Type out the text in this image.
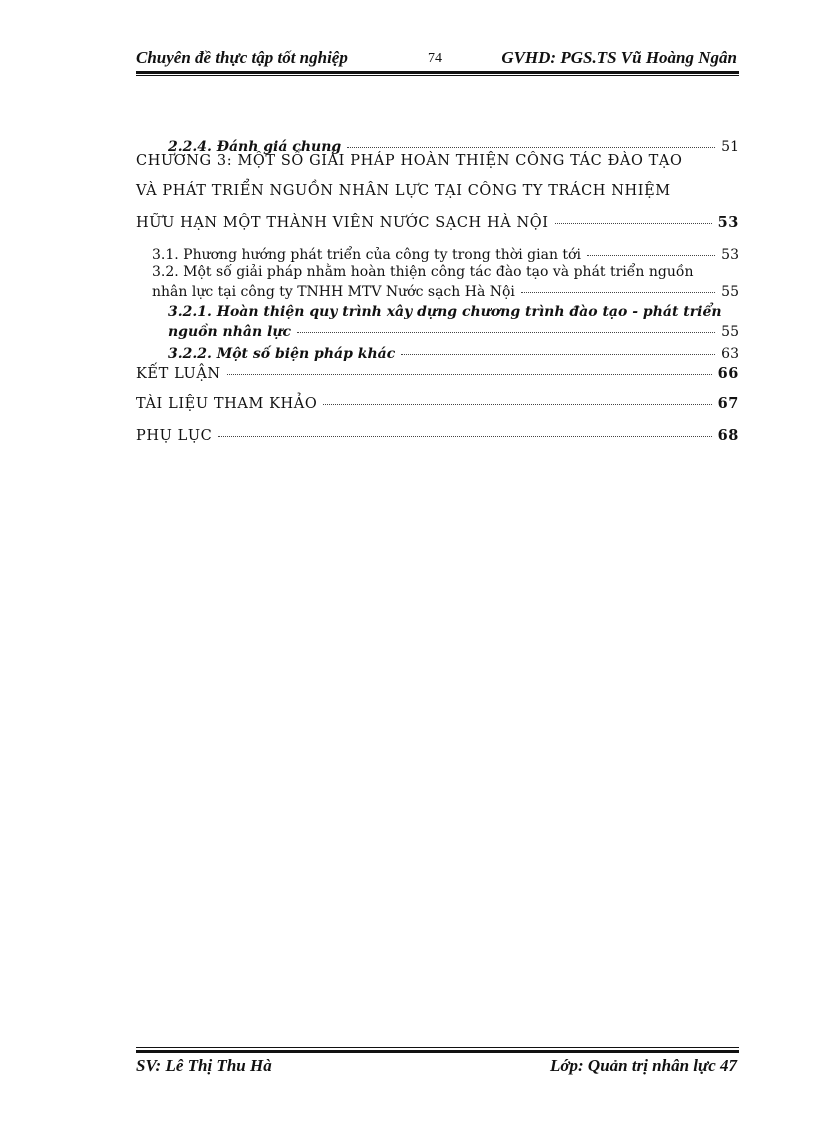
Chuyên đề thực tập tốt nghiệp	74	GVHD: PGS.TS Vũ Hoàng Ngân
2.2.4. Đánh giá chung	51
CHƯƠNG 3: MỘT SỐ GIẢI PHÁP HOÀN THIỆN CÔNG TÁC ĐÀO TẠO
VÀ PHÁT TRIỂN NGUỒN NHÂN LỰC TẠI CÔNG TY TRÁCH NHIỆM
HỮU HẠN MỘT THÀNH VIÊN NƯỚC SẠCH HÀ NỘI	53
3.1. Phương hướng phát triển của công ty trong thời gian tới	53
3.2. Một số giải pháp nhằm hoàn thiện công tác đào tạo và phát triển nguồn
nhân lực tại công ty TNHH MTV Nước sạch Hà Nội	55
3.2.1. Hoàn thiện quy trình xây dựng chương trình đào tạo - phát triển
nguồn nhân lực	55
3.2.2. Một số biện pháp khác	63
KẾT LUẬN	66
TÀI LIỆU THAM KHẢO	67
PHỤ LỤC	68
SV: Lê Thị Thu Hà	Lớp: Quản trị nhân lực 47
